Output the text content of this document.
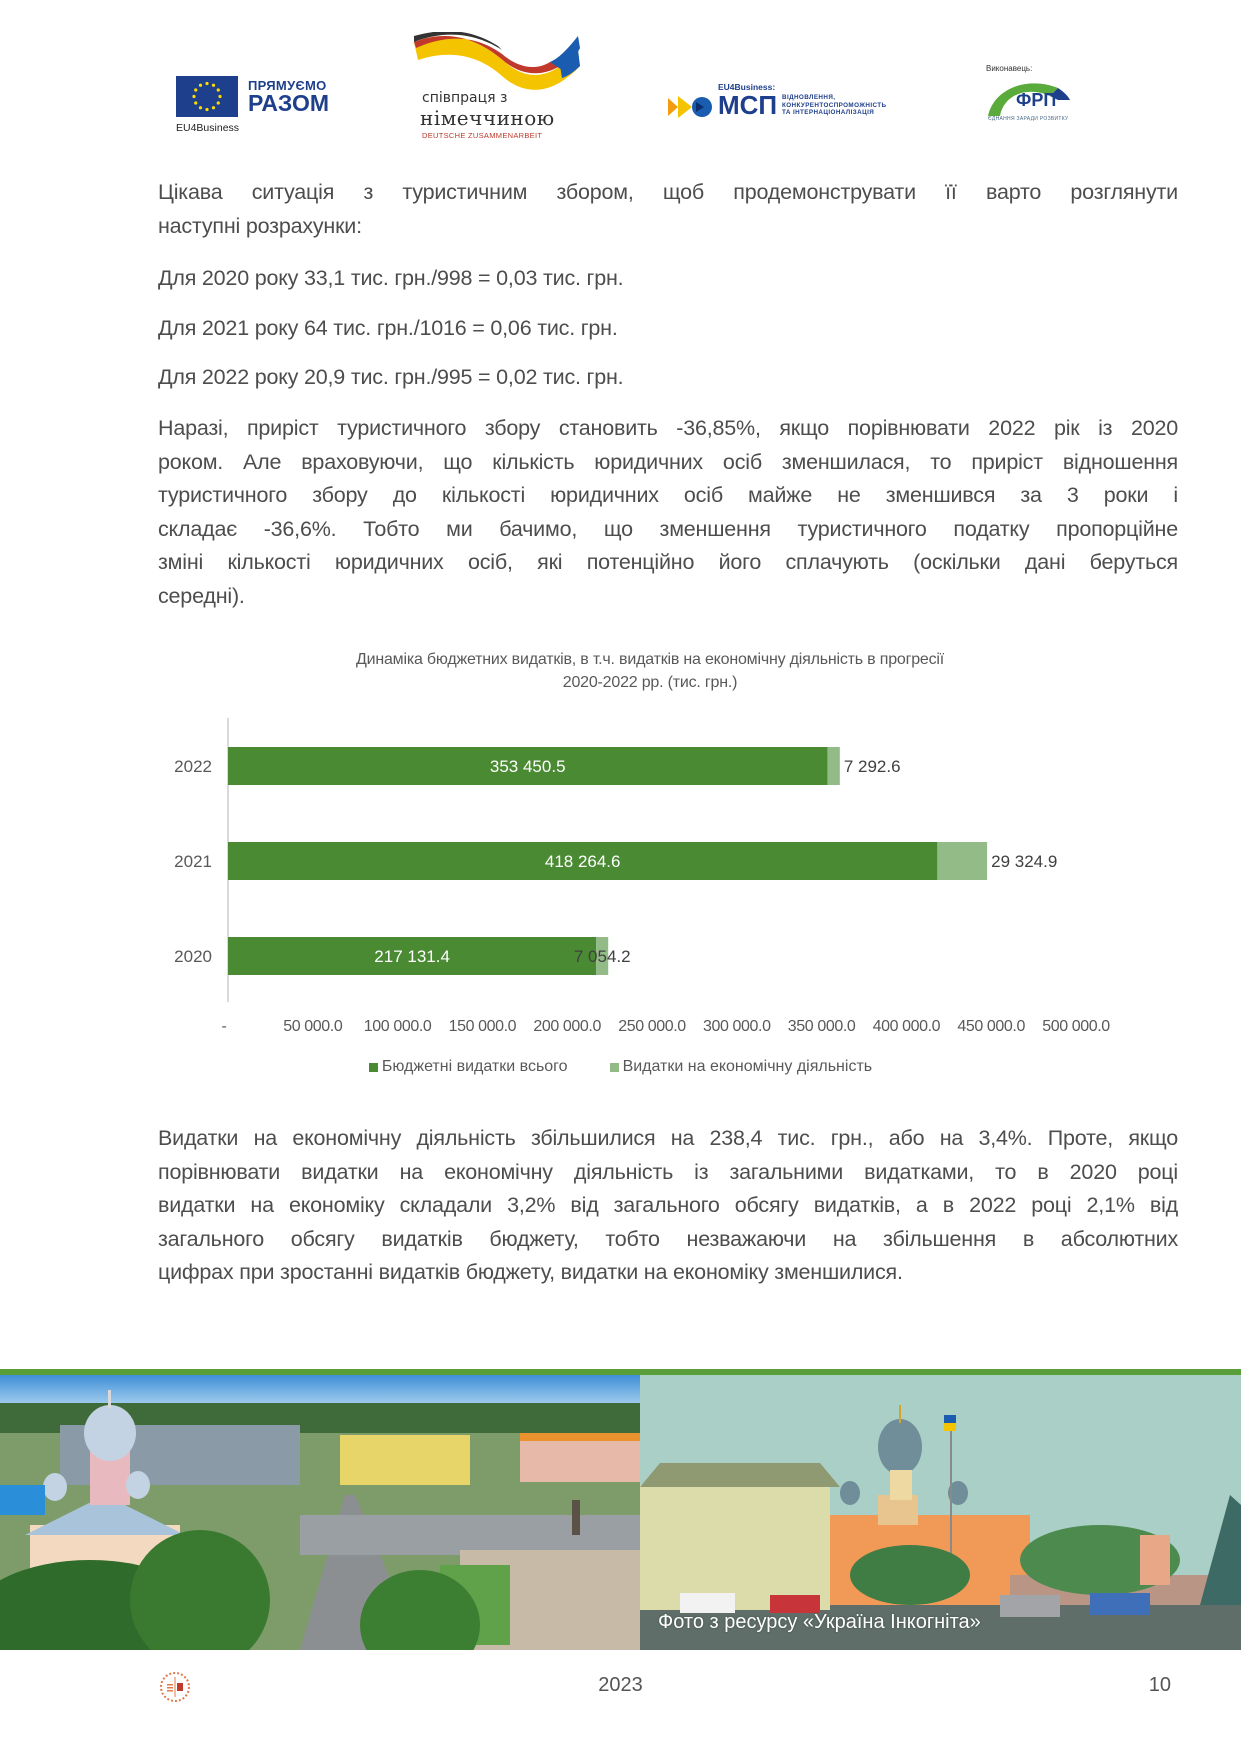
ПРЯМУЄМО
РАЗОМ
EU4Business
співпраця з
німеччиною
DEUTSCHE ZUSAMMENARBEIT
EU4Business:
МСП ВІДНОВЛЕННЯ,
КОНКУРЕНТОСПРОМОЖНІСТЬ
ТА ІНТЕРНАЦІОНАЛІЗАЦІЯ
Виконавець:
ФРП
ЄДНАННЯ ЗАРАДИ РОЗВИТКУ
Цікава ситуація з туристичним збором, щоб продемонструвати її варто розглянути
наступні розрахунки:
Для 2020 року 33,1 тис. грн./998 = 0,03 тис. грн.
Для 2021 року 64 тис. грн./1016 = 0,06 тис. грн.
Для 2022 року 20,9 тис. грн./995 = 0,02 тис. грн.
Наразі, приріст туристичного збору становить -36,85%, якщо порівнювати 2022 рік із 2020
роком. Але враховуючи, що кількість юридичних осіб зменшилася, то приріст відношення
туристичного збору до кількості юридичних осіб майже не зменшився за 3 роки і
складає -36,6%. Тобто ми бачимо, що зменшення туристичного податку пропорційне
зміні кількості юридичних осіб, які потенційно його сплачують (оскільки дані беруться
середні).
Динаміка бюджетних видатків, в т.ч. видатків на економічну діяльність в прогресії
2020-2022 рр. (тис. грн.)
2022	353 450.5	7 292.6
2021	418 264.6	29 324.9
2020	217 131.4	7 054.2
-	50 000.0 100 000.0 150 000.0 200 000.0 250 000.0 300 000.0 350 000.0 400 000.0 450 000.0 500 000.0
Бюджетні видатки всього	Видатки на економічну діяльність
Видатки на економічну діяльність збільшилися на 238,4 тис. грн., або на 3,4%. Проте, якщо
порівнювати видатки на економічну діяльність із загальними видатками, то в 2020 році
видатки на економіку складали 3,2% від загального обсягу видатків, а в 2022 році 2,1% від
загального обсягу видатків бюджету, тобто незважаючи на збільшення в абсолютних
цифрах при зростанні видатків бюджету, видатки на економіку зменшилися.
Фото з ресурсу «Україна Інкогніта»
2023	10
